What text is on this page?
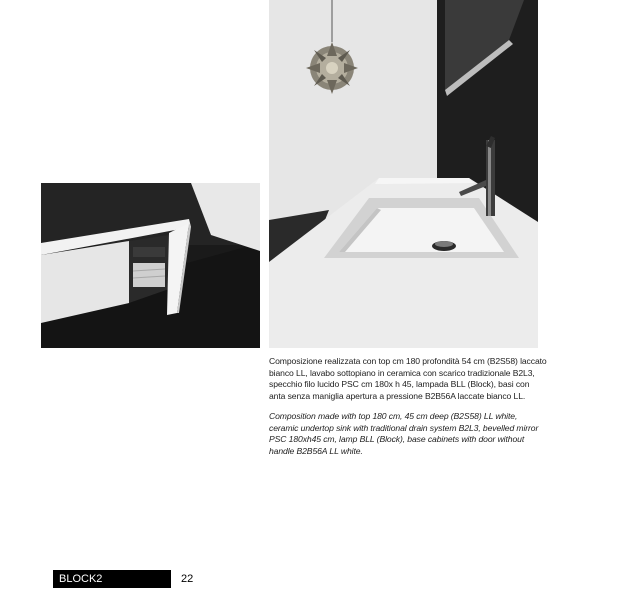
Composizione realizzata con top cm 180 profondità 54 cm (B2S58) laccato bianco LL, lavabo sottopiano in ceramica con scarico tradizionale B2L3, specchio filo lucido PSC cm 180x h 45, lampada BLL (Block), basi con anta senza maniglia apertura a pressione B2B56A laccate bianco LL.

Composition made with top 180 cm, 45 cm deep (B2S58) LL white, ceramic undertop sink with traditional drain system B2L3, bevelled mirror PSC 180xh45 cm, lamp BLL (Block), base cabinets with door without handle B2B56A LL white.

BLOCK2	22
